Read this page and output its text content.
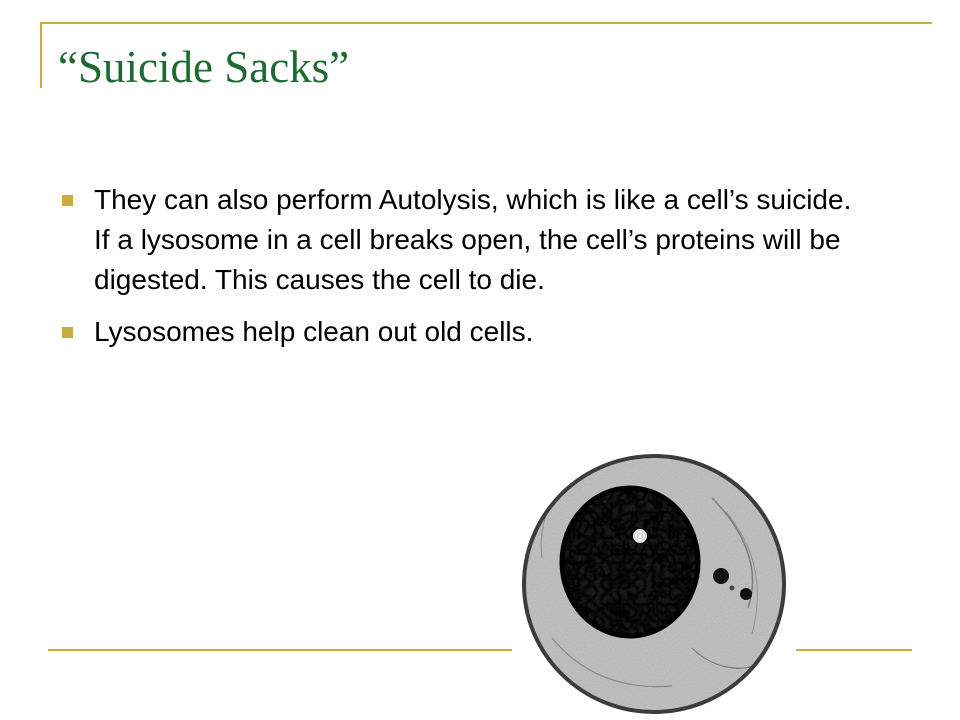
“Suicide Sacks”
They can also perform Autolysis, which is like a cell’s suicide. If a lysosome in a cell breaks open, the cell’s proteins will be digested. This causes the cell to die.
Lysosomes help clean out old cells.
